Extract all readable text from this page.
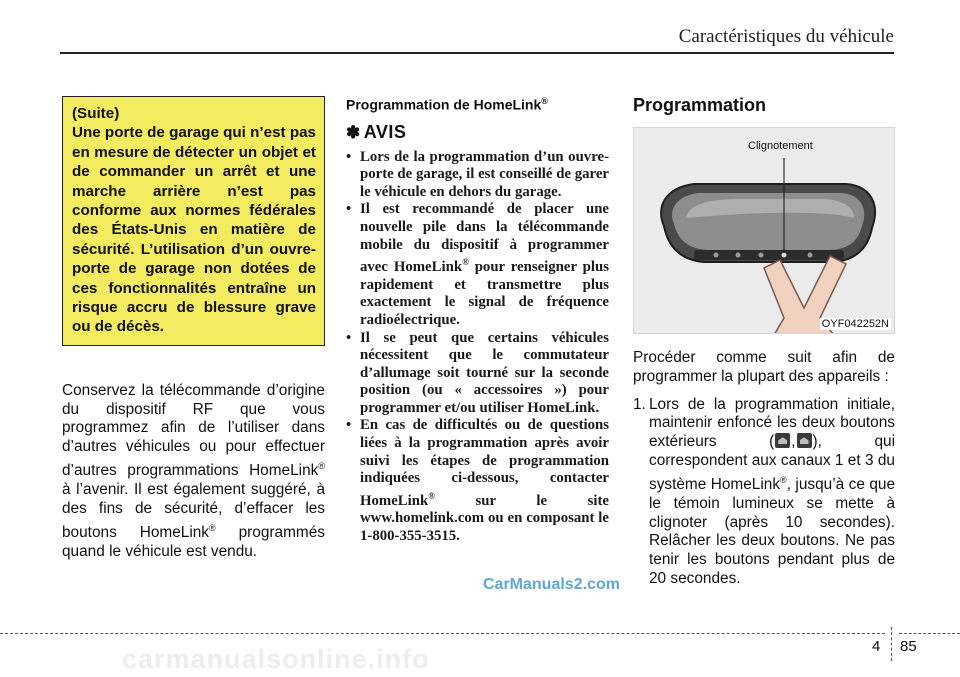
Caractéristiques du véhicule
(Suite)
Une porte de garage qui n’est pas en mesure de détecter un objet et de commander un arrêt et une marche arrière n’est pas conforme aux normes fédérales des États-Unis en matière de sécurité. L’utilisation d’un ouvre-porte de garage non dotées de ces fonctionnalités entraîne un risque accru de blessure grave ou de décès.

Conservez la télécommande d’origine du dispositif RF que vous programmez afin de l’utiliser dans d’autres véhicules ou pour effectuer d’autres programmations HomeLink® à l’avenir. Il est également suggéré, à des fins de sécurité, d’effacer les boutons HomeLink® programmés quand le véhicule est vendu.

Programmation de HomeLink®
✽ AVIS
• Lors de la programmation d’un ouvre-porte de garage, il est conseillé de garer le véhicule en dehors du garage.
• Il est recommandé de placer une nouvelle pile dans la télécommande mobile du dispositif à programmer avec HomeLink® pour renseigner plus rapidement et transmettre plus exactement le signal de fréquence radioélectrique.
• Il se peut que certains véhicules nécessitent que le commutateur d’allumage soit tourné sur la seconde position (ou « accessoires ») pour programmer et/ou utiliser HomeLink.
• En cas de difficultés ou de questions liées à la programmation après avoir suivi les étapes de programmation indiquées ci-dessous, contacter HomeLink® sur le site www.homelink.com ou en composant le 1-800-355-3515.
Programmation
Clignotement
OYF042252N

Procéder comme suit afin de programmer la plupart des appareils :

1. Lors de la programmation initiale, maintenir enfoncé les deux boutons extérieurs ( , ), qui correspondent aux canaux 1 et 3 du système HomeLink®, jusqu’à ce que le témoin lumineux se mette à clignoter (après 10 secondes). Relâcher les deux boutons. Ne pas tenir les boutons pendant plus de 20 secondes.
CarManuals2.com
4 85
carmanualsonline.info
